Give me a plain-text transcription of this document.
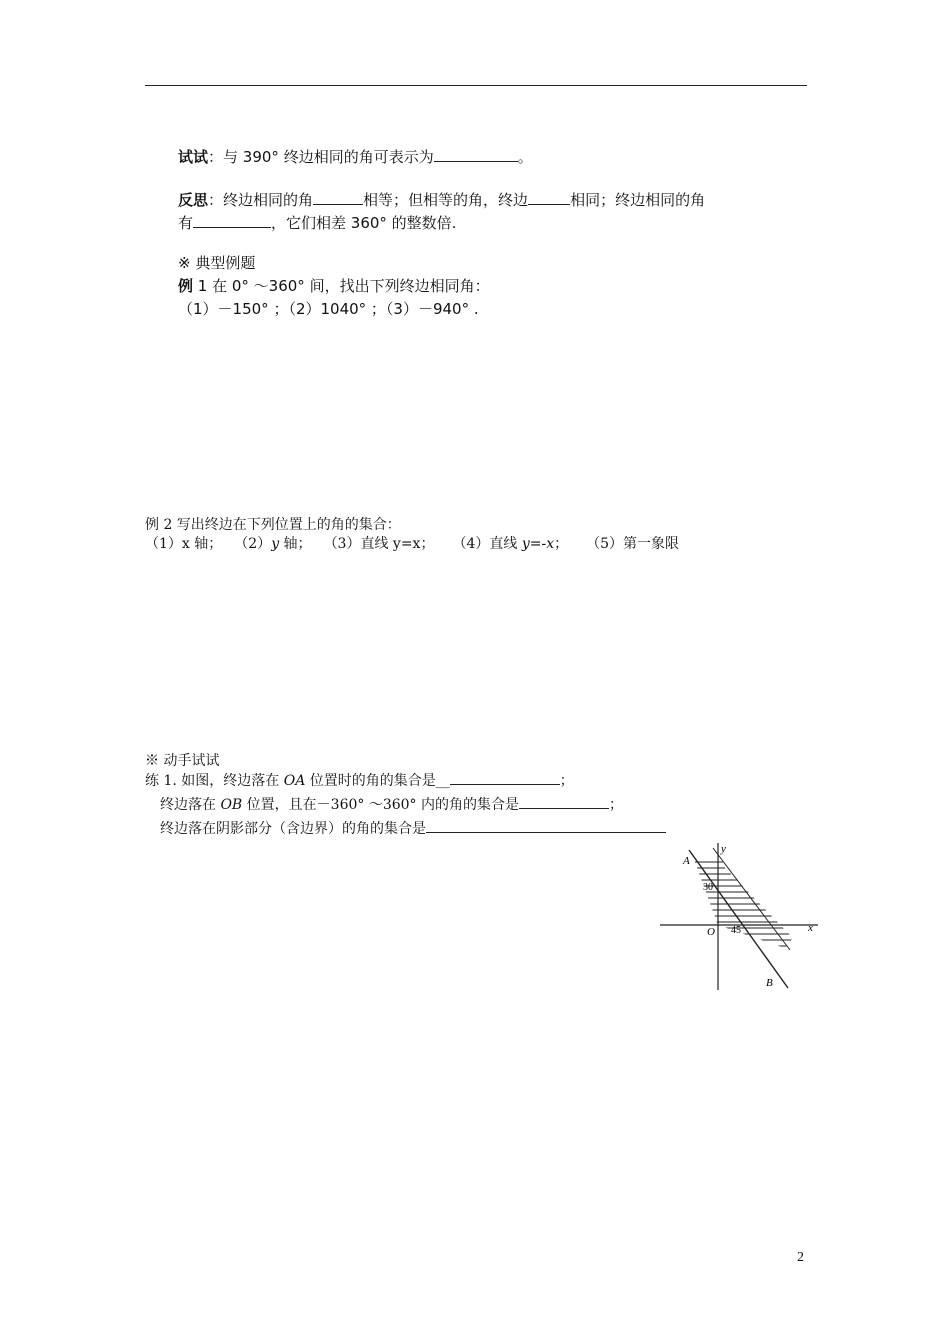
试试：与 390° 终边相同的角可表示为	。
反思：终边相同的角	相等；但相等的角，终边	相同；终边相同的角
有	，它们相差 360° 的整数倍.
※ 典型例题
例 1 在 0° ～360° 间，找出下列终边相同角：
（1）－150° ；（2）1040° ；（3）－940° .
例 2 写出终边在下列位置上的角的集合：
（1）x 轴； （2）y 轴； （3）直线 y=x； （4）直线 y=-x； （5）第一象限
※ 动手试试
练 1. 如图，终边落在 OA 位置时的角的集合是__	；
终边落在 OB 位置，且在－360° ～360° 内的角的集合是	；
终边落在阴影部分（含边界）的角的集合是
A
B
O	x
y
30
45
2
